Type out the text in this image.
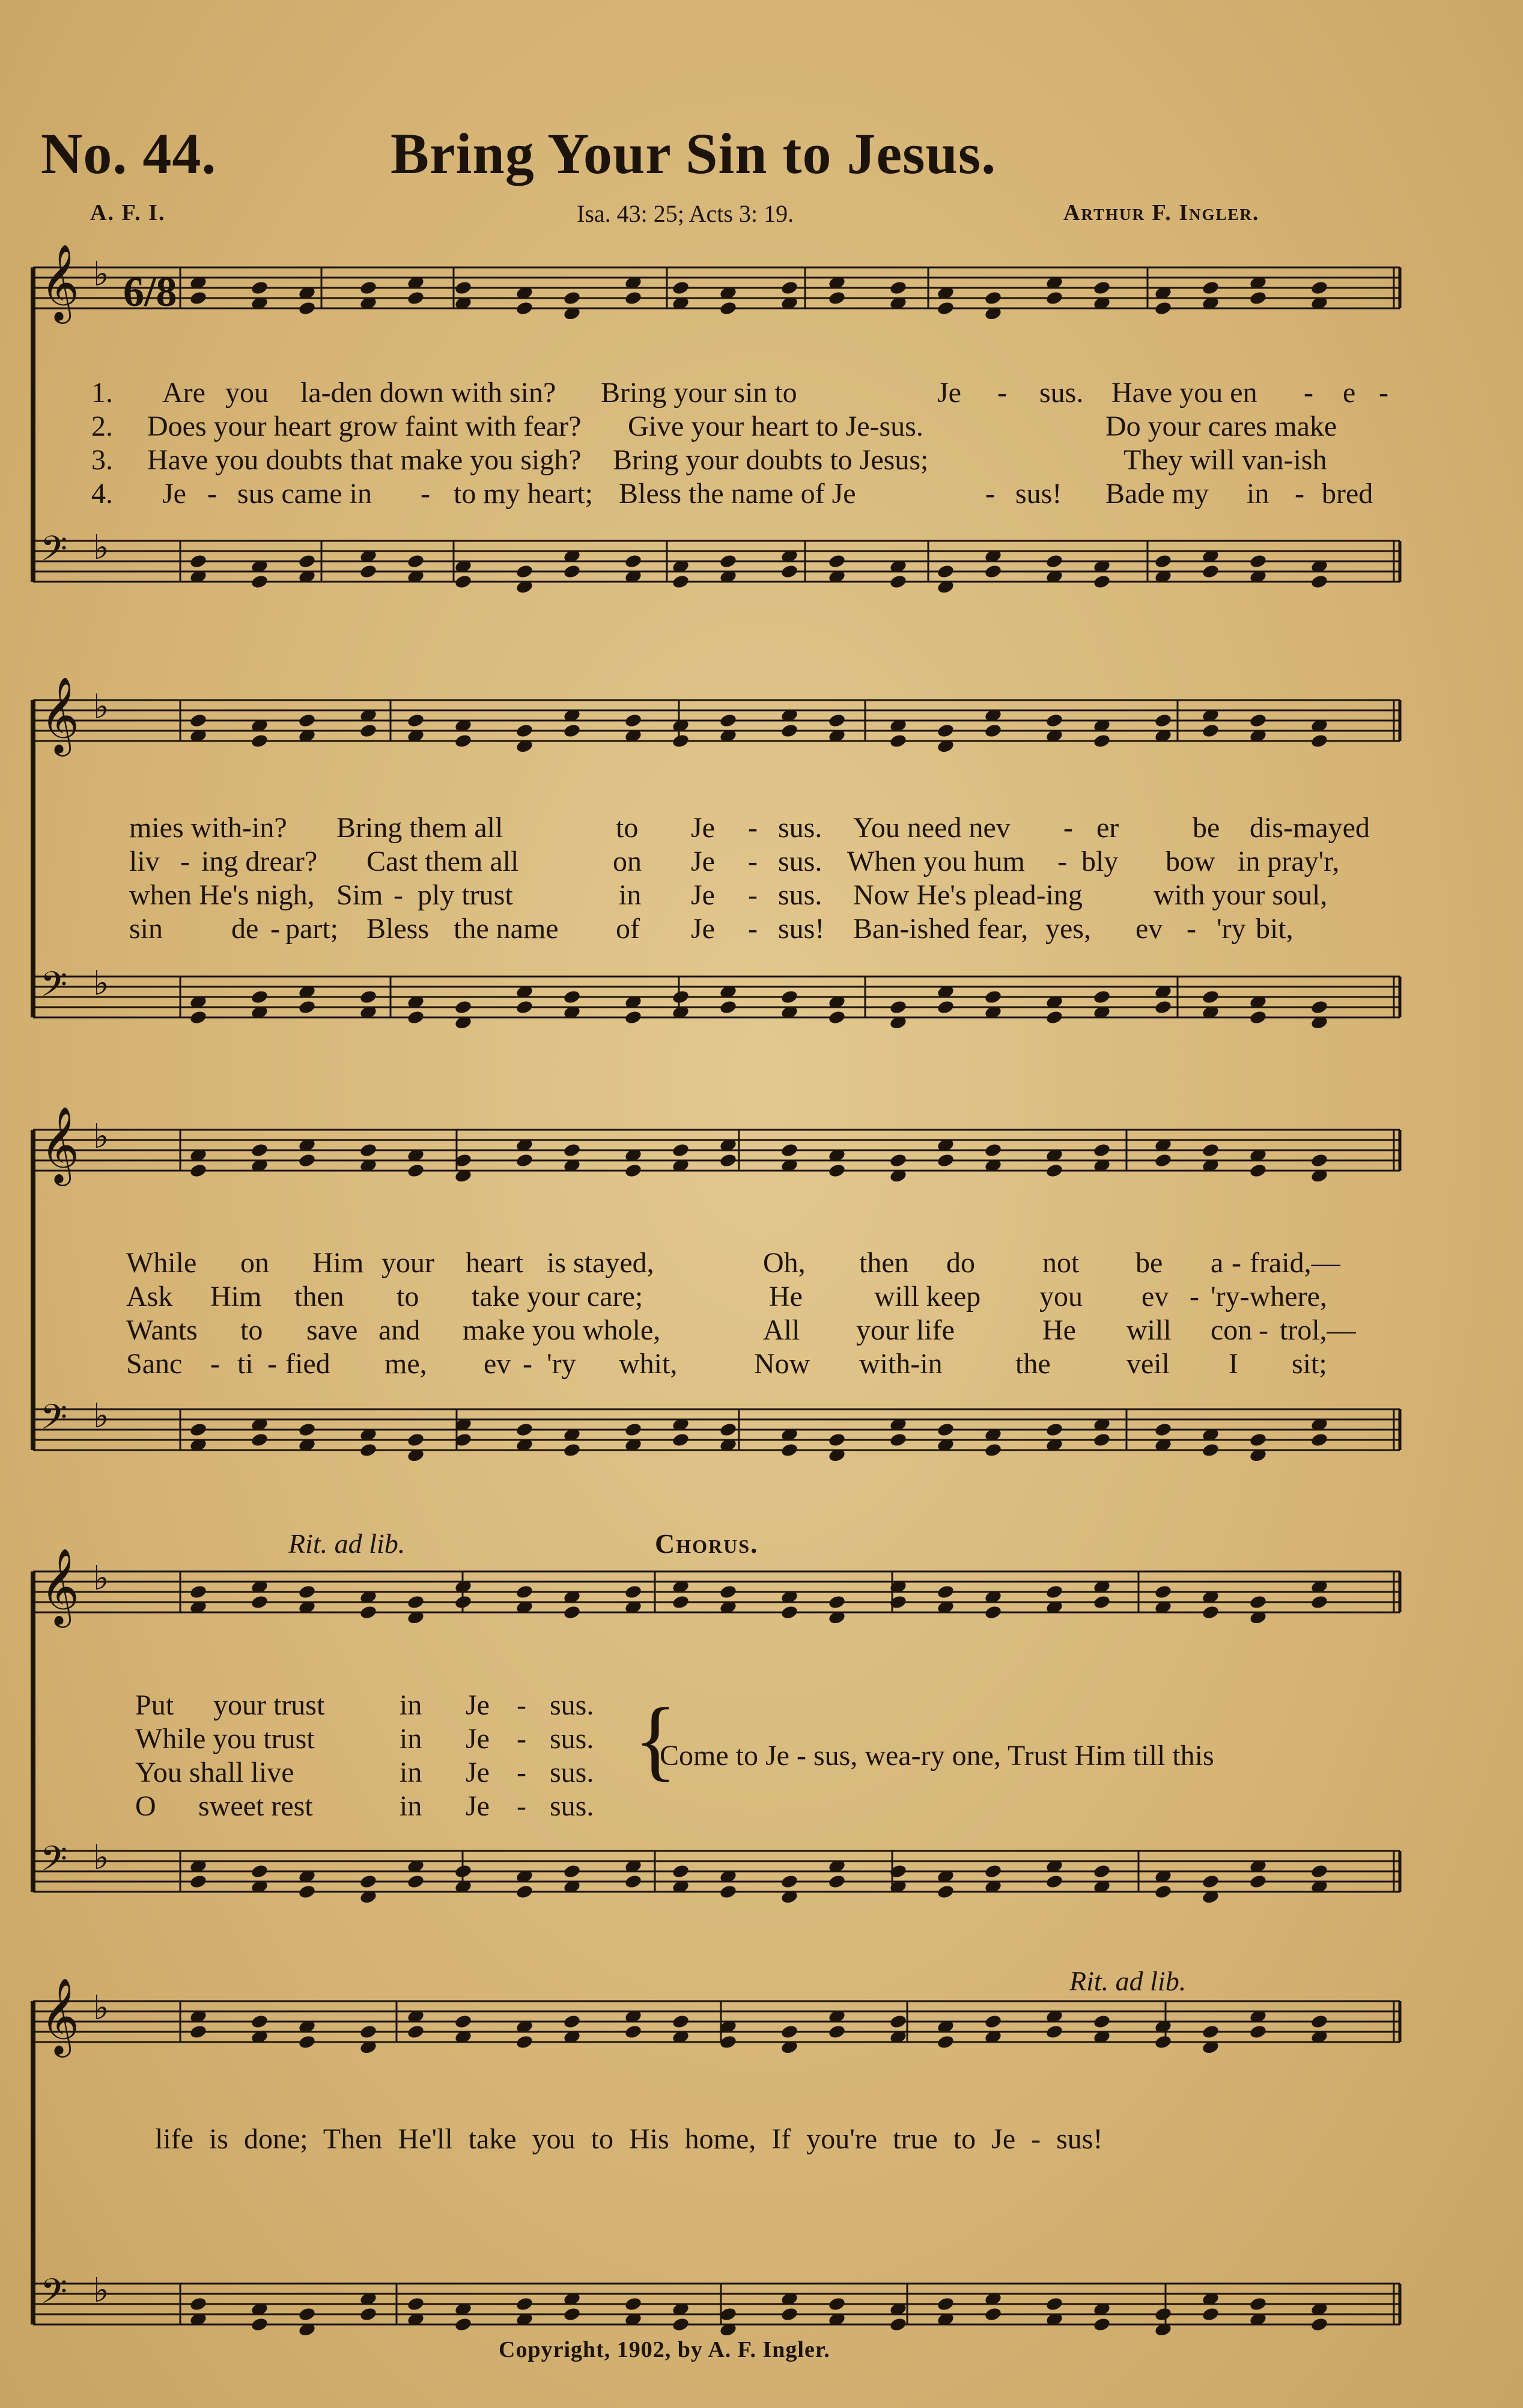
No. 44.	Bring Your Sin to Jesus.
A. F. I.	Isa. 43: 25; Acts 3: 19.	Arthur F. Ingler.
𝄞 ♭
𝄢 ♭
𝄞 ♭
𝄢 ♭
𝄞 ♭
𝄢 ♭
𝄞 ♭
𝄢 ♭
𝄞 ♭
𝄢 ♭
6/8
1. Are you la-den down with sin? Bring your sin to	Je - sus. Have you en - e -
2. Does your heart grow faint with fear? Give your heart to Je-sus.	Do your cares make
3. Have you doubts that make you sigh? Bring your doubts to Jesus;	They will van-ish
4. Je - sus came in - to my heart; Bless the name of Je	- sus! Bade my in - bred
mies with-in? Bring them all	to Je - sus. You need nev - er	be dis-mayed
liv - ing drear? Cast them all	on Je - sus. When you hum - bly bow in pray'r,
when He's nigh, Sim - ply trust	in Je - sus. Now He's plead-ing with your soul,
sin de - part; Bless the name of Je - sus! Ban-ished fear, yes, ev - 'ry bit,
While on Him your heart is stayed,	Oh, then do not be a - fraid,—
Ask Him then to take your care;	He will keep you ev - 'ry-where,
Wants to save and make you whole,	All your life	He will con - trol,—
Sanc - ti - fied me, ev - 'ry whit,	Now with-in	the	veil I sit;
Rit. ad lib.	Chorus.
Put your trust	in Je - sus.
While you trust	in Je - sus.
You shall live	in Je - sus.
O sweet rest	in Je - sus.
{
Come to Je - sus, wea-ry one, Trust Him till this
Rit. ad lib.
life is done; Then He'll take you to His home, If you're true to Je - sus!
Copyright, 1902, by A. F. Ingler.
